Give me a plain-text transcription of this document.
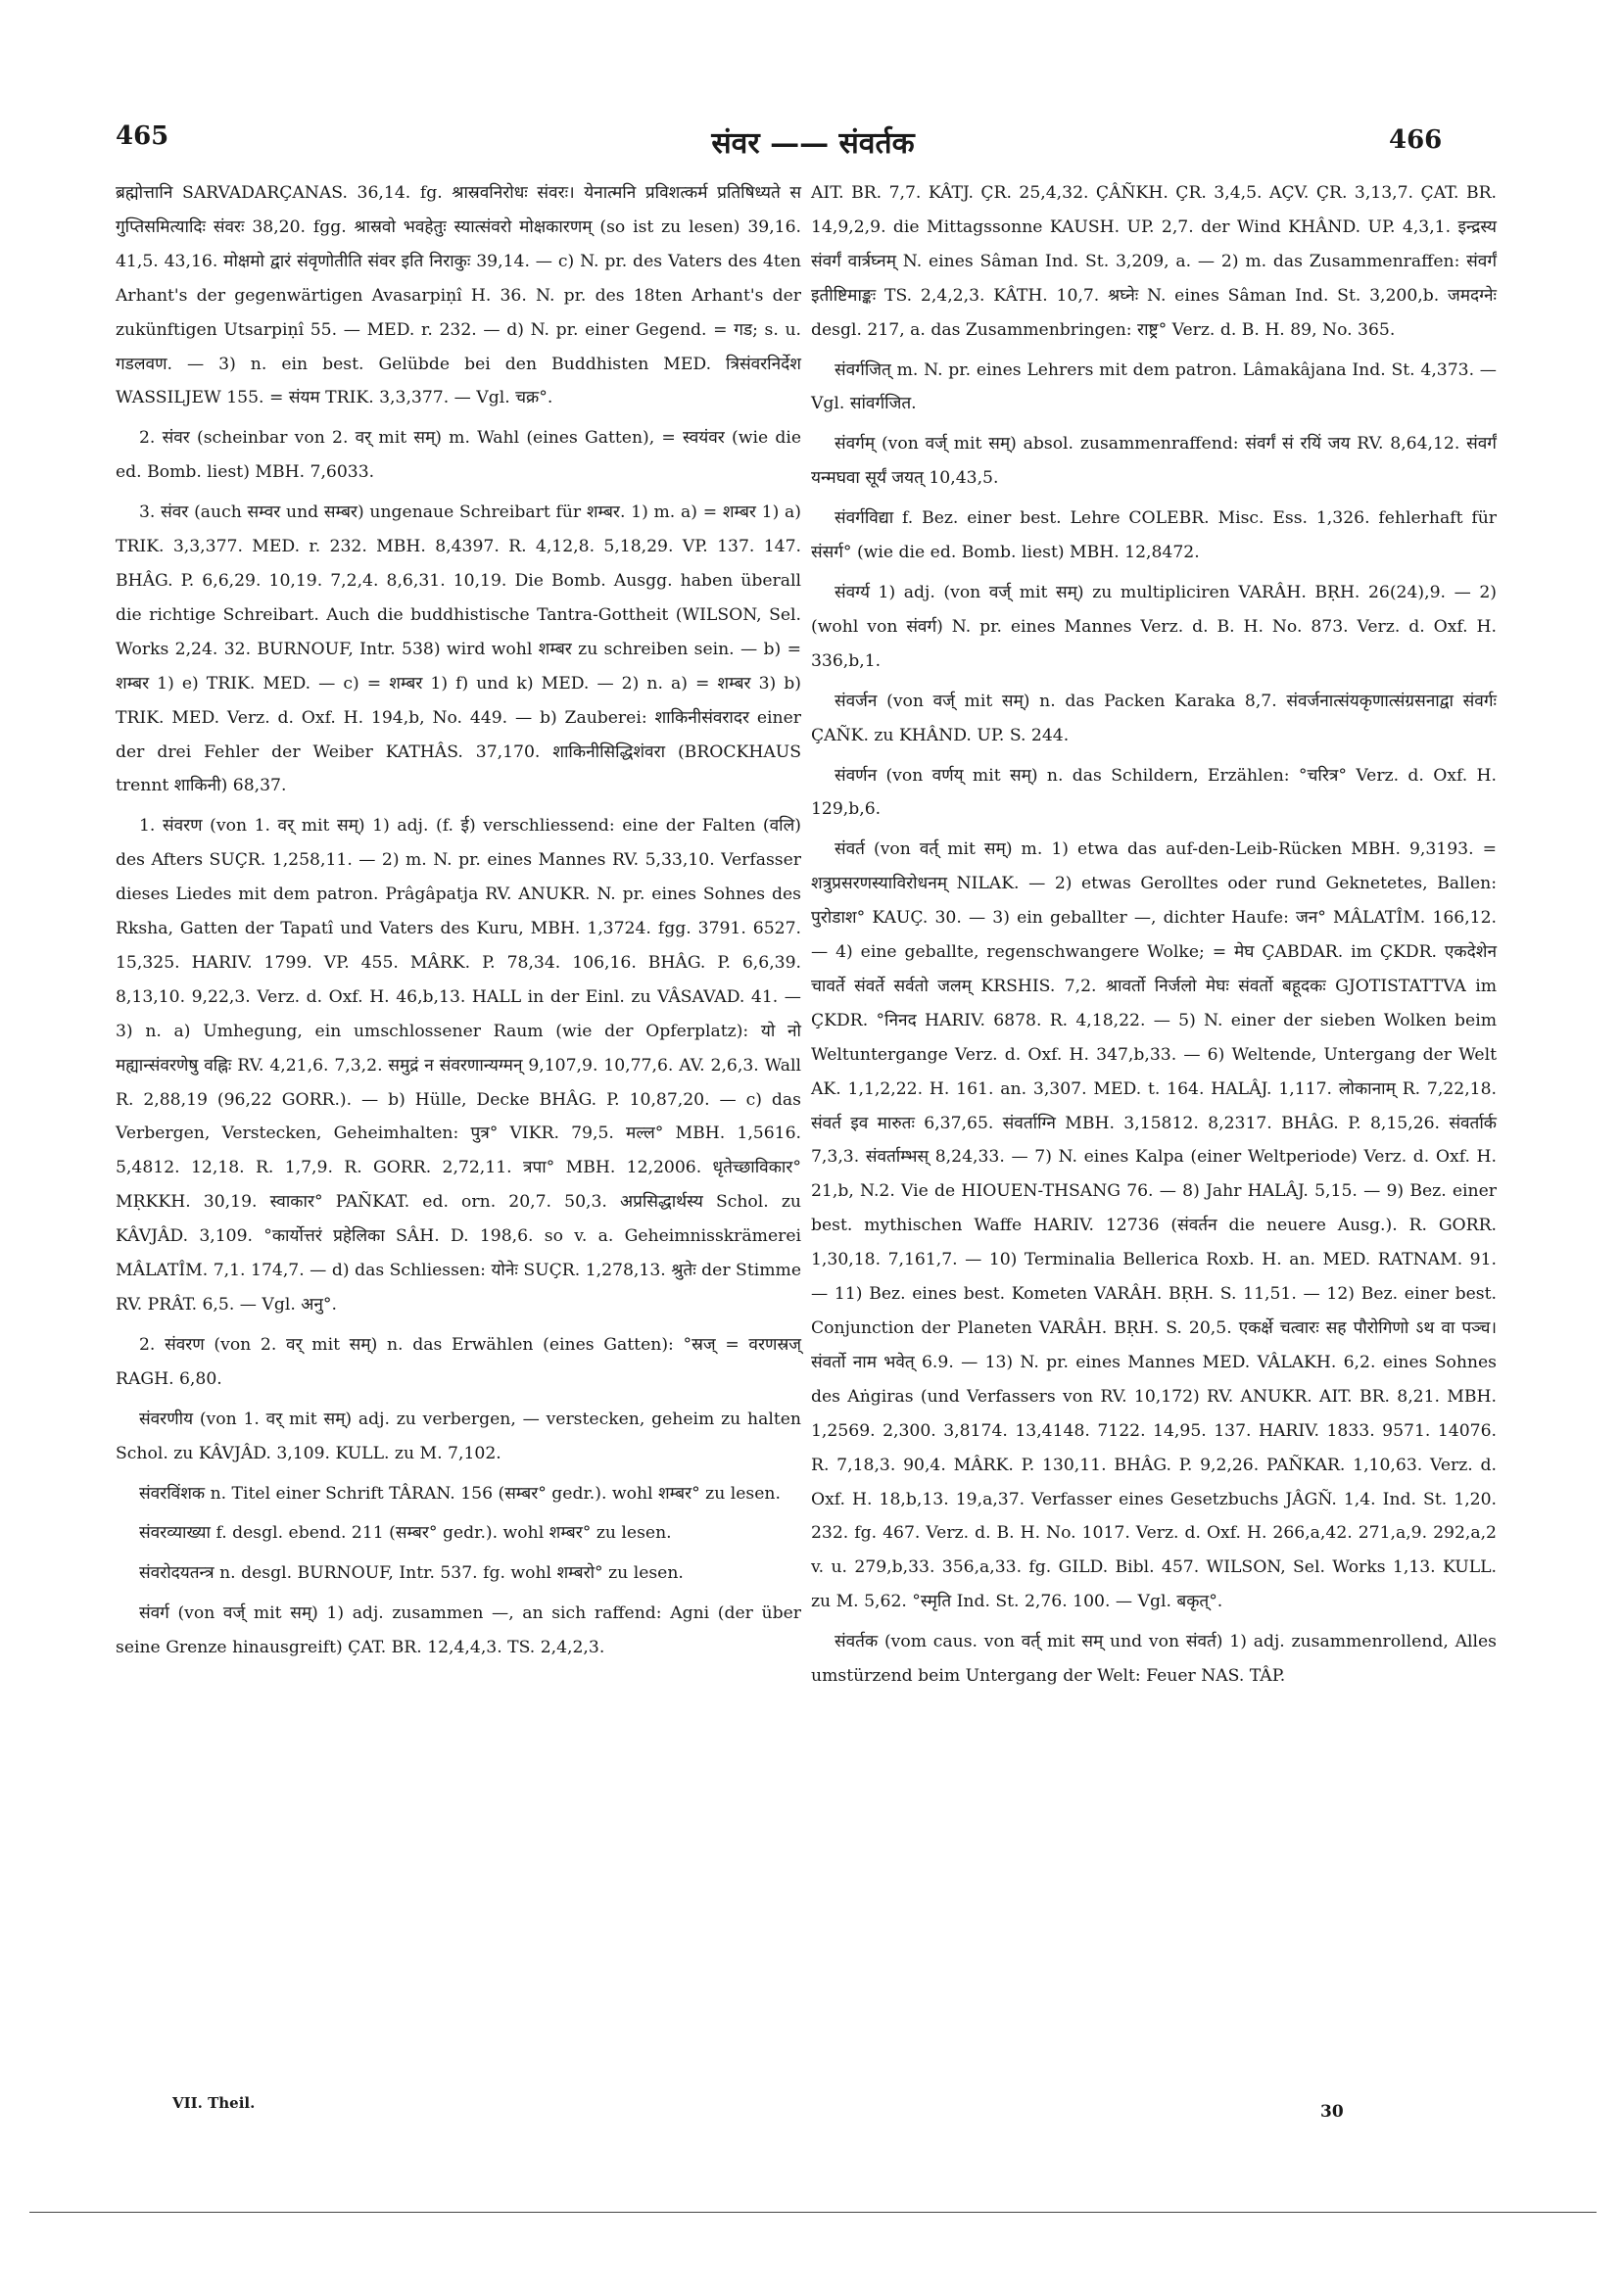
465	संवर —— संवर्तक	466

ब्रह्मोत्तानि SARVADARÇANAS. 36,14. fg. श्रास्रवनिरोधः संवरः। येनात्मनि प्रविशत्कर्म प्रतिषिध्यते स गुप्तिसमित्यादिः संवरः 38,20. fgg. श्रास्रवो भवहेतुः स्यात्संवरो मोक्षकारणम् (so ist zu lesen) 39,16. 41,5. 43,16. मोक्षमो द्वारं संवृणोतीति संवर इति निराकुः 39,14. — c) N. pr. des Vaters des 4ten Arhant's der gegenwärtigen Avasarpiṇî H. 36. N. pr. des 18ten Arhant's der zukünftigen Utsarpiṇî 55. — MED. r. 232. — d) N. pr. einer Gegend. = गड; s. u. गडलवण. — 3) n. ein best. Gelübde bei den Buddhisten MED. त्रिसंवरनिर्देश WASSILJEW 155. = संयम TRIK. 3,3,377. — Vgl. चक्र°.

2. संवर (scheinbar von 2. वर् mit सम्) m. Wahl (eines Gatten), = स्वयंवर (wie die ed. Bomb. liest) MBH. 7,6033.

3. संवर (auch सम्वर und सम्बर) ungenaue Schreibart für शम्बर. 1) m. a) = शम्बर 1) a) TRIK. 3,3,377. MED. r. 232. MBH. 8,4397. R. 4,12,8. 5,18,29. VP. 137. 147. BHÂG. P. 6,6,29. 10,19. 7,2,4. 8,6,31. 10,19. Die Bomb. Ausgg. haben überall die richtige Schreibart. Auch die buddhistische Tantra-Gottheit (WILSON, Sel. Works 2,24. 32. BURNOUF, Intr. 538) wird wohl शम्बर zu schreiben sein. — b) = शम्बर 1) e) TRIK. MED. — c) = शम्बर 1) f) und k) MED. — 2) n. a) = शम्बर 3) b) TRIK. MED. Verz. d. Oxf. H. 194,b, No. 449. — b) Zauberei: शाकिनीसंवरादर einer der drei Fehler der Weiber KATHÂS. 37,170. शाकिनीसिद्धिशंवरा (BROCKHAUS trennt शाकिनी) 68,37.

1. संवरण (von 1. वर् mit सम्) 1) adj. (f. ई) verschliessend: eine der Falten (वलि) des Afters SUÇR. 1,258,11. — 2) m. N. pr. eines Mannes RV. 5,33,10. Verfasser dieses Liedes mit dem patron. Prâgâpatja RV. ANUKR. N. pr. eines Sohnes des Rksha, Gatten der Tapatî und Vaters des Kuru, MBH. 1,3724. fgg. 3791. 6527. 15,325. HARIV. 1799. VP. 455. MÂRK. P. 78,34. 106,16. BHÂG. P. 6,6,39. 8,13,10. 9,22,3. Verz. d. Oxf. H. 46,b,13. HALL in der Einl. zu VÂSAVAD. 41. — 3) n. a) Umhegung, ein umschlossener Raum (wie der Opferplatz): यो नो मह्यान्संवरणेषु वह्निः RV. 4,21,6. 7,3,2. समुद्रं न संवरणान्यग्मन् 9,107,9. 10,77,6. AV. 2,6,3. Wall R. 2,88,19 (96,22 GORR.). — b) Hülle, Decke BHÂG. P. 10,87,20. — c) das Verbergen, Verstecken, Geheimhalten: पुत्र° VIKR. 79,5. मल्ल° MBH. 1,5616. 5,4812. 12,18. R. 1,7,9. R. GORR. 2,72,11. त्रपा° MBH. 12,2006. धृतेच्छाविकार° MṚKKH. 30,19. स्वाकार° PAÑKAT. ed. orn. 20,7. 50,3. अप्रसिद्धार्थस्य Schol. zu KÂVJÂD. 3,109. °कार्योत्तरं प्रहेलिका SÂH. D. 198,6. so v. a. Geheimnisskrämerei MÂLATÎM. 7,1. 174,7. — d) das Schliessen: योनेः SUÇR. 1,278,13. श्रुतेः der Stimme RV. PRÂT. 6,5. — Vgl. अनु°.

2. संवरण (von 2. वर् mit सम्) n. das Erwählen (eines Gatten): °स्रज् = वरणस्रज् RAGH. 6,80.

संवरणीय (von 1. वर् mit सम्) adj. zu verbergen, — verstecken, geheim zu halten Schol. zu KÂVJÂD. 3,109. KULL. zu M. 7,102.

संवरविंशक n. Titel einer Schrift TÂRAN. 156 (सम्बर° gedr.). wohl शम्बर° zu lesen.

संवरव्याख्या f. desgl. ebend. 211 (सम्बर° gedr.). wohl शम्बर° zu lesen.

संवरोदयतन्त्र n. desgl. BURNOUF, Intr. 537. fg. wohl शम्बरो° zu lesen.

संवर्ग (von वर्ज् mit सम्) 1) adj. zusammen —, an sich raffend: Agni (der über seine Grenze hinausgreift) ÇAT. BR. 12,4,4,3. TS. 2,4,2,3.

AIT. BR. 7,7. KÂTJ. ÇR. 25,4,32. ÇÂÑKH. ÇR. 3,4,5. AÇV. ÇR. 3,13,7. ÇAT. BR. 14,9,2,9. die Mittagssonne KAUSH. UP. 2,7. der Wind KHÂND. UP. 4,3,1. इन्द्रस्य संवर्गं वार्त्रघ्नम् N. eines Sâman Ind. St. 3,209, a. — 2) m. das Zusammenraffen: संवर्गं इतीष्टिमाङ्कः TS. 2,4,2,3. KÂTH. 10,7. श्रघ्नेः N. eines Sâman Ind. St. 3,200,b. जमदग्नेः desgl. 217, a. das Zusammenbringen: राष्ट्र° Verz. d. B. H. 89, No. 365.

संवर्गजित् m. N. pr. eines Lehrers mit dem patron. Lâmakâjana Ind. St. 4,373. — Vgl. सांवर्गजित.

संवर्गम् (von वर्ज् mit सम्) absol. zusammenraffend: संवर्गं सं रयिं जय RV. 8,64,12. संवर्गं यन्मघवा सूर्यं जयत् 10,43,5.

संवर्गविद्या f. Bez. einer best. Lehre COLEBR. Misc. Ess. 1,326. fehlerhaft für संसर्ग° (wie die ed. Bomb. liest) MBH. 12,8472.

संवर्ग्य 1) adj. (von वर्ज् mit सम्) zu multipliciren VARÂH. BṚH. 26(24),9. — 2) (wohl von संवर्ग) N. pr. eines Mannes Verz. d. B. H. No. 873. Verz. d. Oxf. H. 336,b,1.

संवर्जन (von वर्ज् mit सम्) n. das Packen Karaka 8,7. संवर्जनात्संयकृणात्संग्रसनाद्वा संवर्गः ÇAÑK. zu KHÂND. UP. S. 244.

संवर्णन (von वर्णय् mit सम्) n. das Schildern, Erzählen: °चरित्र° Verz. d. Oxf. H. 129,b,6.

संवर्त (von वर्त् mit सम्) m. 1) etwa das auf-den-Leib-Rücken MBH. 9,3193. = शत्रुप्रसरणस्याविरोधनम् NILAK. — 2) etwas Gerolltes oder rund Geknetetes, Ballen: पुरोडाश° KAUÇ. 30. — 3) ein geballter —, dichter Haufe: जन° MÂLATÎM. 166,12. — 4) eine geballte, regenschwangere Wolke; = मेघ ÇABDAR. im ÇKDR. एकदेशेन चावर्ते संवर्ते सर्वतो जलम् KRSHIS. 7,2. श्रावर्तो निर्जलो मेघः संवर्तो बहूदकः GJOTISTATTVA im ÇKDR. °निनद HARIV. 6878. R. 4,18,22. — 5) N. einer der sieben Wolken beim Weltuntergange Verz. d. Oxf. H. 347,b,33. — 6) Weltende, Untergang der Welt AK. 1,1,2,22. H. 161. an. 3,307. MED. t. 164. HALÂJ. 1,117. लोकानाम् R. 7,22,18. संवर्त इव मारुतः 6,37,65. संवर्ताग्नि MBH. 3,15812. 8,2317. BHÂG. P. 8,15,26. संवर्तार्क 7,3,3. संवर्ताम्भस् 8,24,33. — 7) N. eines Kalpa (einer Weltperiode) Verz. d. Oxf. H. 21,b, N.2. Vie de HIOUEN-THSANG 76. — 8) Jahr HALÂJ. 5,15. — 9) Bez. einer best. mythischen Waffe HARIV. 12736 (संवर्तन die neuere Ausg.). R. GORR. 1,30,18. 7,161,7. — 10) Terminalia Bellerica Roxb. H. an. MED. RATNAM. 91. — 11) Bez. eines best. Kometen VARÂH. BṚH. S. 11,51. — 12) Bez. einer best. Conjunction der Planeten VARÂH. BṚH. S. 20,5. एकर्क्षे चत्वारः सह पौरोगिणो ऽथ वा पञ्च। संवर्तो नाम भवेत् 6.9. — 13) N. pr. eines Mannes MED. VÂLAKH. 6,2. eines Sohnes des Aṅgiras (und Verfassers von RV. 10,172) RV. ANUKR. AIT. BR. 8,21. MBH. 1,2569. 2,300. 3,8174. 13,4148. 7122. 14,95. 137. HARIV. 1833. 9571. 14076. R. 7,18,3. 90,4. MÂRK. P. 130,11. BHÂG. P. 9,2,26. PAÑKAR. 1,10,63. Verz. d. Oxf. H. 18,b,13. 19,a,37. Verfasser eines Gesetzbuchs JÂGÑ. 1,4. Ind. St. 1,20. 232. fg. 467. Verz. d. B. H. No. 1017. Verz. d. Oxf. H. 266,a,42. 271,a,9. 292,a,2 v. u. 279,b,33. 356,a,33. fg. GILD. Bibl. 457. WILSON, Sel. Works 1,13. KULL. zu M. 5,62. °स्मृति Ind. St. 2,76. 100. — Vgl. बकृत्°.

संवर्तक (vom caus. von वर्त् mit सम् und von संवर्त) 1) adj. zusammenrollend, Alles umstürzend beim Untergang der Welt: Feuer NAS. TÂP.

VII. Theil.	30
